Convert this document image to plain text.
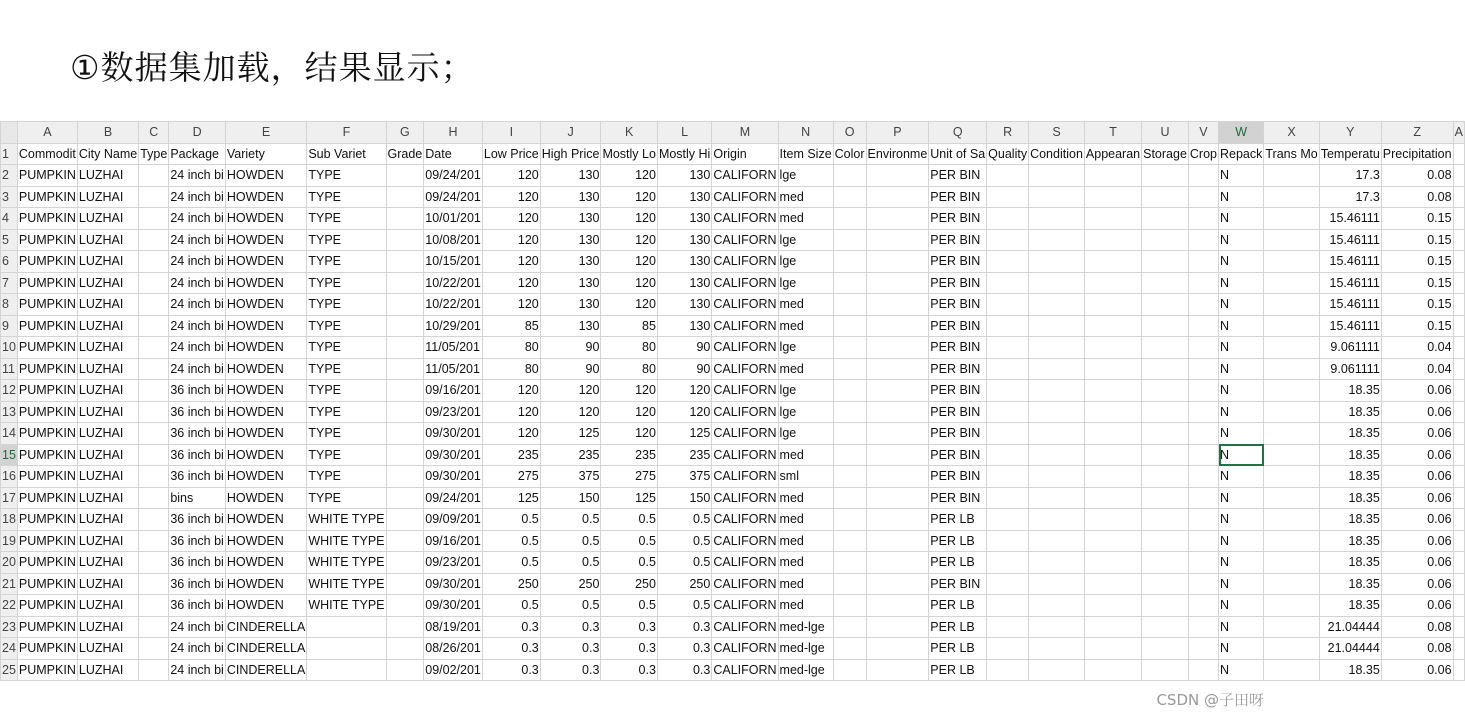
①数据集加载，结果显示；
	A	B	C	D	E	F	G	H	I	J	K	L	M	N	O	P	Q	R	S	T	U	V	W	X	Y	Z	A
1	Commodit	City Name	Type	Package	Variety	Sub Variet	Grade	Date	Low Price	High Price	Mostly Lo	Mostly Hi	Origin	Item Size	Color	Environme	Unit of Sa	Quality	Condition	Appearan	Storage	Crop	Repack	Trans Mo	Temperatu	Precipitation	
2	PUMPKIN	LUZHAI		24 inch bi	HOWDEN	TYPE		09/24/201	120	130	120	130	CALIFORN	lge			PER BIN						N		17.3	0.08	
3	PUMPKIN	LUZHAI		24 inch bi	HOWDEN	TYPE		09/24/201	120	130	120	130	CALIFORN	med			PER BIN						N		17.3	0.08	
4	PUMPKIN	LUZHAI		24 inch bi	HOWDEN	TYPE		10/01/201	120	130	120	130	CALIFORN	med			PER BIN						N		15.46111	0.15	
5	PUMPKIN	LUZHAI		24 inch bi	HOWDEN	TYPE		10/08/201	120	130	120	130	CALIFORN	lge			PER BIN						N		15.46111	0.15	
6	PUMPKIN	LUZHAI		24 inch bi	HOWDEN	TYPE		10/15/201	120	130	120	130	CALIFORN	lge			PER BIN						N		15.46111	0.15	
7	PUMPKIN	LUZHAI		24 inch bi	HOWDEN	TYPE		10/22/201	120	130	120	130	CALIFORN	lge			PER BIN						N		15.46111	0.15	
8	PUMPKIN	LUZHAI		24 inch bi	HOWDEN	TYPE		10/22/201	120	130	120	130	CALIFORN	med			PER BIN						N		15.46111	0.15	
9	PUMPKIN	LUZHAI		24 inch bi	HOWDEN	TYPE		10/29/201	85	130	85	130	CALIFORN	med			PER BIN						N		15.46111	0.15	
10	PUMPKIN	LUZHAI		24 inch bi	HOWDEN	TYPE		11/05/201	80	90	80	90	CALIFORN	lge			PER BIN						N		9.061111	0.04	
11	PUMPKIN	LUZHAI		24 inch bi	HOWDEN	TYPE		11/05/201	80	90	80	90	CALIFORN	med			PER BIN						N		9.061111	0.04	
12	PUMPKIN	LUZHAI		36 inch bi	HOWDEN	TYPE		09/16/201	120	120	120	120	CALIFORN	lge			PER BIN						N		18.35	0.06	
13	PUMPKIN	LUZHAI		36 inch bi	HOWDEN	TYPE		09/23/201	120	120	120	120	CALIFORN	lge			PER BIN						N		18.35	0.06	
14	PUMPKIN	LUZHAI		36 inch bi	HOWDEN	TYPE		09/30/201	120	125	120	125	CALIFORN	lge			PER BIN						N		18.35	0.06	
15	PUMPKIN	LUZHAI		36 inch bi	HOWDEN	TYPE		09/30/201	235	235	235	235	CALIFORN	med			PER BIN						N		18.35	0.06	
16	PUMPKIN	LUZHAI		36 inch bi	HOWDEN	TYPE		09/30/201	275	375	275	375	CALIFORN	sml			PER BIN						N		18.35	0.06	
17	PUMPKIN	LUZHAI		bins	HOWDEN	TYPE		09/24/201	125	150	125	150	CALIFORN	med			PER BIN						N		18.35	0.06	
18	PUMPKIN	LUZHAI		36 inch bi	HOWDEN	WHITE TYPE		09/09/201	0.5	0.5	0.5	0.5	CALIFORN	med			PER LB						N		18.35	0.06	
19	PUMPKIN	LUZHAI		36 inch bi	HOWDEN	WHITE TYPE		09/16/201	0.5	0.5	0.5	0.5	CALIFORN	med			PER LB						N		18.35	0.06	
20	PUMPKIN	LUZHAI		36 inch bi	HOWDEN	WHITE TYPE		09/23/201	0.5	0.5	0.5	0.5	CALIFORN	med			PER LB						N		18.35	0.06	
21	PUMPKIN	LUZHAI		36 inch bi	HOWDEN	WHITE TYPE		09/30/201	250	250	250	250	CALIFORN	med			PER BIN						N		18.35	0.06	
22	PUMPKIN	LUZHAI		36 inch bi	HOWDEN	WHITE TYPE		09/30/201	0.5	0.5	0.5	0.5	CALIFORN	med			PER LB						N		18.35	0.06	
23	PUMPKIN	LUZHAI		24 inch bi	CINDERELLA			08/19/201	0.3	0.3	0.3	0.3	CALIFORN	med-lge			PER LB						N		21.04444	0.08	
24	PUMPKIN	LUZHAI		24 inch bi	CINDERELLA			08/26/201	0.3	0.3	0.3	0.3	CALIFORN	med-lge			PER LB						N		21.04444	0.08	
25	PUMPKIN	LUZHAI		24 inch bi	CINDERELLA			09/02/201	0.3	0.3	0.3	0.3	CALIFORN	med-lge			PER LB						N		18.35	0.06	
CSDN @子田呀
